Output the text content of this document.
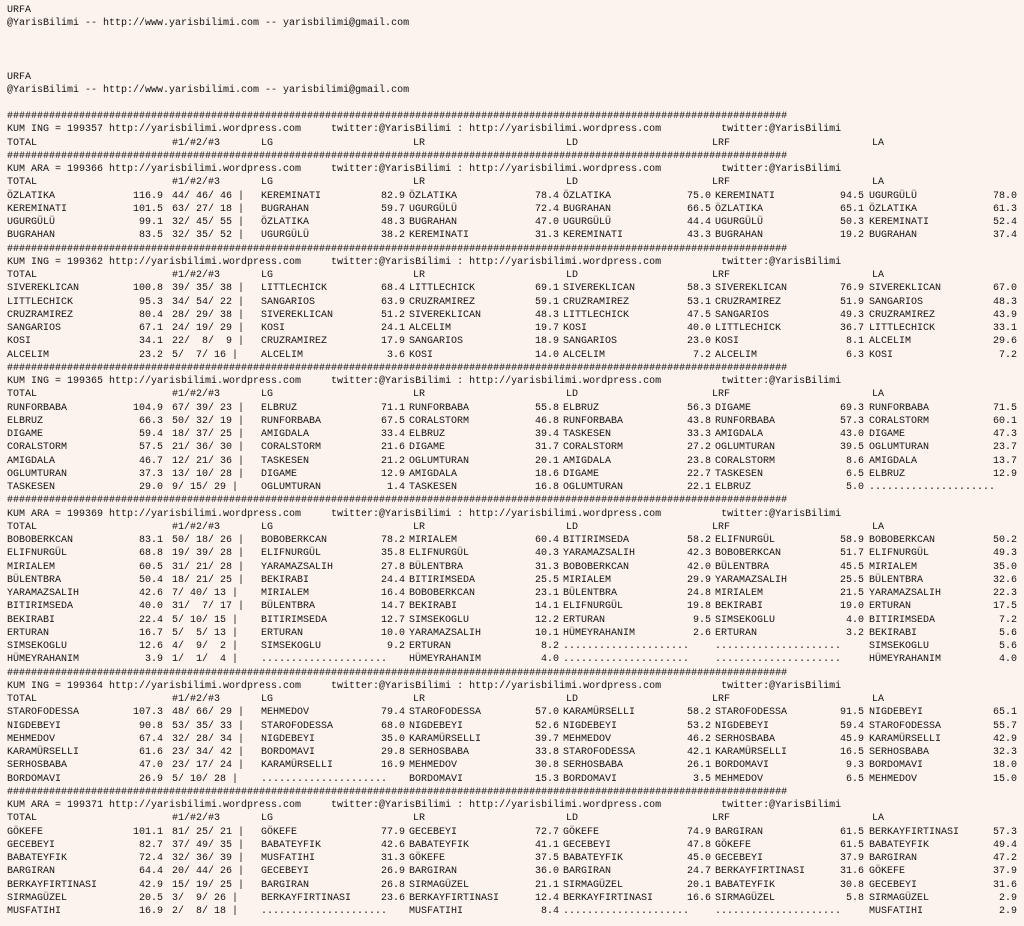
URFA
@YarisBilimi -- http://www.yarisbilimi.com -- yarisbilimi@gmail.com
URFA
@YarisBilimi -- http://www.yarisbilimi.com -- yarisbilimi@gmail.com
##################################################################################################################################
KUM ING = 199357 http://yarisbilimi.wordpress.com     twitter:@YarisBilimi : http://yarisbilimi.wordpress.com          twitter:@YarisBilimi
TOTAL	#1/#2/#3	LG	LR	LD	LRF	LA
##################################################################################################################################
KUM ARA = 199366 http://yarisbilimi.wordpress.com     twitter:@YarisBilimi : http://yarisbilimi.wordpress.com          twitter:@YarisBilimi
TOTAL	#1/#2/#3	LG	LR	LD	LRF	LA
ÖZLATIKA	116.9 44/ 46/ 46 | KEREMINATI	82.9 ÖZLATIKA	78.4 ÖZLATIKA	75.0 KEREMINATI	94.5 UGURGÜLÜ	78.0
KEREMINATI	101.5 63/ 27/ 18 | BUGRAHAN	59.7 UGURGÜLÜ	72.4 BUGRAHAN	66.5 ÖZLATIKA	65.1 ÖZLATIKA	61.3
UGURGÜLÜ	99.1 32/ 45/ 55 | ÖZLATIKA	48.3 BUGRAHAN	47.0 UGURGÜLÜ	44.4 UGURGÜLÜ	50.3 KEREMINATI	52.4
BUGRAHAN	83.5 32/ 35/ 52 | UGURGÜLÜ	38.2 KEREMINATI	31.3 KEREMINATI	43.3 BUGRAHAN	19.2 BUGRAHAN	37.4
##################################################################################################################################
KUM ING = 199362 http://yarisbilimi.wordpress.com     twitter:@YarisBilimi : http://yarisbilimi.wordpress.com          twitter:@YarisBilimi
TOTAL	#1/#2/#3	LG	LR	LD	LRF	LA
SIVEREKLICAN	100.8 39/ 35/ 38 | LITTLECHICK	68.4 LITTLECHICK	69.1 SIVEREKLICAN	58.3 SIVEREKLICAN	76.9 SIVEREKLICAN	67.0
LITTLECHICK	95.3 34/ 54/ 22 | SANGARIOS	63.9 CRUZRAMIREZ	59.1 CRUZRAMIREZ	53.1 CRUZRAMIREZ	51.9 SANGARIOS	48.3
CRUZRAMIREZ	80.4 28/ 29/ 38 | SIVEREKLICAN	51.2 SIVEREKLICAN	48.3 LITTLECHICK	47.5 SANGARIOS	49.3 CRUZRAMIREZ	43.9
SANGARIOS	67.1 24/ 19/ 29 | KOSI	24.1 ALCELIM	19.7 KOSI	40.0 LITTLECHICK	36.7 LITTLECHICK	33.1
KOSI	34.1 22/  8/  9 | CRUZRAMIREZ	17.9 SANGARIOS	18.9 SANGARIOS	23.0 KOSI	8.1 ALCELIM	29.6
ALCELIM	23.2 5/  7/ 16 | ALCELIM	3.6 KOSI	14.0 ALCELIM	7.2 ALCELIM	6.3 KOSI	7.2
##################################################################################################################################
KUM ING = 199365 http://yarisbilimi.wordpress.com     twitter:@YarisBilimi : http://yarisbilimi.wordpress.com          twitter:@YarisBilimi
TOTAL	#1/#2/#3	LG	LR	LD	LRF	LA
RUNFORBABA	104.9 67/ 39/ 23 | ELBRUZ	71.1 RUNFORBABA	55.8 ELBRUZ	56.3 DIGAME	69.3 RUNFORBABA	71.5
ELBRUZ	66.3 50/ 32/ 19 | RUNFORBABA	67.5 CORALSTORM	46.8 RUNFORBABA	43.8 RUNFORBABA	57.3 CORALSTORM	60.1
DIGAME	59.4 18/ 37/ 25 | AMIGDALA	33.4 ELBRUZ	39.4 TASKESEN	33.3 AMIGDALA	43.0 DIGAME	47.3
CORALSTORM	57.5 21/ 36/ 30 | CORALSTORM	21.6 DIGAME	31.7 CORALSTORM	27.2 OGLUMTURAN	39.5 OGLUMTURAN	23.7
AMIGDALA	46.7 12/ 21/ 36 | TASKESEN	21.2 OGLUMTURAN	20.1 AMIGDALA	23.8 CORALSTORM	8.6 AMIGDALA	13.7
OGLUMTURAN	37.3 13/ 10/ 28 | DIGAME	12.9 AMIGDALA	18.6 DIGAME	22.7 TASKESEN	6.5 ELBRUZ	12.9
TASKESEN	29.0 9/ 15/ 29 | OGLUMTURAN	1.4 TASKESEN	16.8 OGLUMTURAN	22.1 ELBRUZ	5.0 .....................
##################################################################################################################################
KUM ARA = 199369 http://yarisbilimi.wordpress.com     twitter:@YarisBilimi : http://yarisbilimi.wordpress.com          twitter:@YarisBilimi
TOTAL	#1/#2/#3	LG	LR	LD	LRF	LA
BOBOBERKCAN	83.1 50/ 18/ 26 | BOBOBERKCAN	78.2 MIRIALEM	60.4 BITIRIMSEDA	58.2 ELIFNURGÜL	58.9 BOBOBERKCAN	50.2
ELIFNURGÜL	68.8 19/ 39/ 28 | ELIFNURGÜL	35.8 ELIFNURGÜL	40.3 YARAMAZSALIH	42.3 BOBOBERKCAN	51.7 ELIFNURGÜL	49.3
MIRIALEM	60.5 31/ 21/ 28 | YARAMAZSALIH	27.8 BÜLENTBRA	31.3 BOBOBERKCAN	42.0 BÜLENTBRA	45.5 MIRIALEM	35.0
BÜLENTBRA	50.4 18/ 21/ 25 | BEKIRABI	24.4 BITIRIMSEDA	25.5 MIRIALEM	29.9 YARAMAZSALIH	25.5 BÜLENTBRA	32.6
YARAMAZSALIH	42.6 7/ 40/ 13 | MIRIALEM	16.4 BOBOBERKCAN	23.1 BÜLENTBRA	24.8 MIRIALEM	21.5 YARAMAZSALIH	22.3
BITIRIMSEDA	40.0 31/  7/ 17 | BÜLENTBRA	14.7 BEKIRABI	14.1 ELIFNURGÜL	19.8 BEKIRABI	19.0 ERTURAN	17.5
BEKIRABI	22.4 5/ 10/ 15 | BITIRIMSEDA	12.7 SIMSEKOGLU	12.2 ERTURAN	9.5 SIMSEKOGLU	4.0 BITIRIMSEDA	7.2
ERTURAN	16.7 5/  5/ 13 | ERTURAN	10.0 YARAMAZSALIH	10.1 HÜMEYRAHANIM	2.6 ERTURAN	3.2 BEKIRABI	5.6
SIMSEKOGLU	12.6 4/  9/  2 | SIMSEKOGLU	9.2 ERTURAN	8.2 .....................	.....................	SIMSEKOGLU	5.6
HÜMEYRAHANIM	3.9 1/  1/  4 | ..................... HÜMEYRAHANIM	4.0 .....................	.....................	HÜMEYRAHANIM	4.0
##################################################################################################################################
KUM ING = 199364 http://yarisbilimi.wordpress.com     twitter:@YarisBilimi : http://yarisbilimi.wordpress.com          twitter:@YarisBilimi
TOTAL	#1/#2/#3	LG	LR	LD	LRF	LA
STAROFODESSA	107.3 48/ 66/ 29 | MEHMEDOV	79.4 STAROFODESSA	57.0 KARAMÜRSELLI	58.2 STAROFODESSA	91.5 NIGDEBEYI	65.1
NIGDEBEYI	90.8 53/ 35/ 33 | STAROFODESSA	68.0 NIGDEBEYI	52.6 NIGDEBEYI	53.2 NIGDEBEYI	59.4 STAROFODESSA	55.7
MEHMEDOV	67.4 32/ 28/ 34 | NIGDEBEYI	35.0 KARAMÜRSELLI	39.7 MEHMEDOV	46.2 SERHOSBABA	45.9 KARAMÜRSELLI	42.9
KARAMÜRSELLI	61.6 23/ 34/ 42 | BORDOMAVI	29.8 SERHOSBABA	33.8 STAROFODESSA	42.1 KARAMÜRSELLI	16.5 SERHOSBABA	32.3
SERHOSBABA	47.0 23/ 17/ 24 | KARAMÜRSELLI	16.9 MEHMEDOV	30.8 SERHOSBABA	26.1 BORDOMAVI	9.3 BORDOMAVI	18.0
BORDOMAVI	26.9 5/ 10/ 28 | ..................... BORDOMAVI	15.3 BORDOMAVI	3.5 MEHMEDOV	6.5 MEHMEDOV	15.0
##################################################################################################################################
KUM ARA = 199371 http://yarisbilimi.wordpress.com     twitter:@YarisBilimi : http://yarisbilimi.wordpress.com          twitter:@YarisBilimi
TOTAL	#1/#2/#3	LG	LR	LD	LRF	LA
GÖKEFE	101.1 81/ 25/ 21 | GÖKEFE	77.9 GECEBEYI	72.7 GÖKEFE	74.9 BARGIRAN	61.5 BERKAYFIRTINASI	57.3
GECEBEYI	82.7 37/ 49/ 35 | BABATEYFIK	42.6 BABATEYFIK	41.1 GECEBEYI	47.8 GÖKEFE	61.5 BABATEYFIK	49.4
BABATEYFIK	72.4 32/ 36/ 39 | MUSFATIHI	31.3 GÖKEFE	37.5 BABATEYFIK	45.0 GECEBEYI	37.9 BARGIRAN	47.2
BARGIRAN	64.4 20/ 44/ 26 | GECEBEYI	26.9 BARGIRAN	36.0 BARGIRAN	24.7 BERKAYFIRTINASI	31.6 GÖKEFE	37.9
BERKAYFIRTINASI	42.9 15/ 19/ 25 | BARGIRAN	26.8 SIRMAGÜZEL	21.1 SIRMAGÜZEL	20.1 BABATEYFIK	30.8 GECEBEYI	31.6
SIRMAGÜZEL	20.5 3/  9/ 26 | BERKAYFIRTINASI	23.6 BERKAYFIRTINASI	12.4 BERKAYFIRTINASI	16.6 SIRMAGÜZEL	5.8 SIRMAGÜZEL	2.9
MUSFATIHI	16.9 2/  8/ 18 | ..................... MUSFATIHI	8.4 .....................	.....................	MUSFATIHI	2.9
